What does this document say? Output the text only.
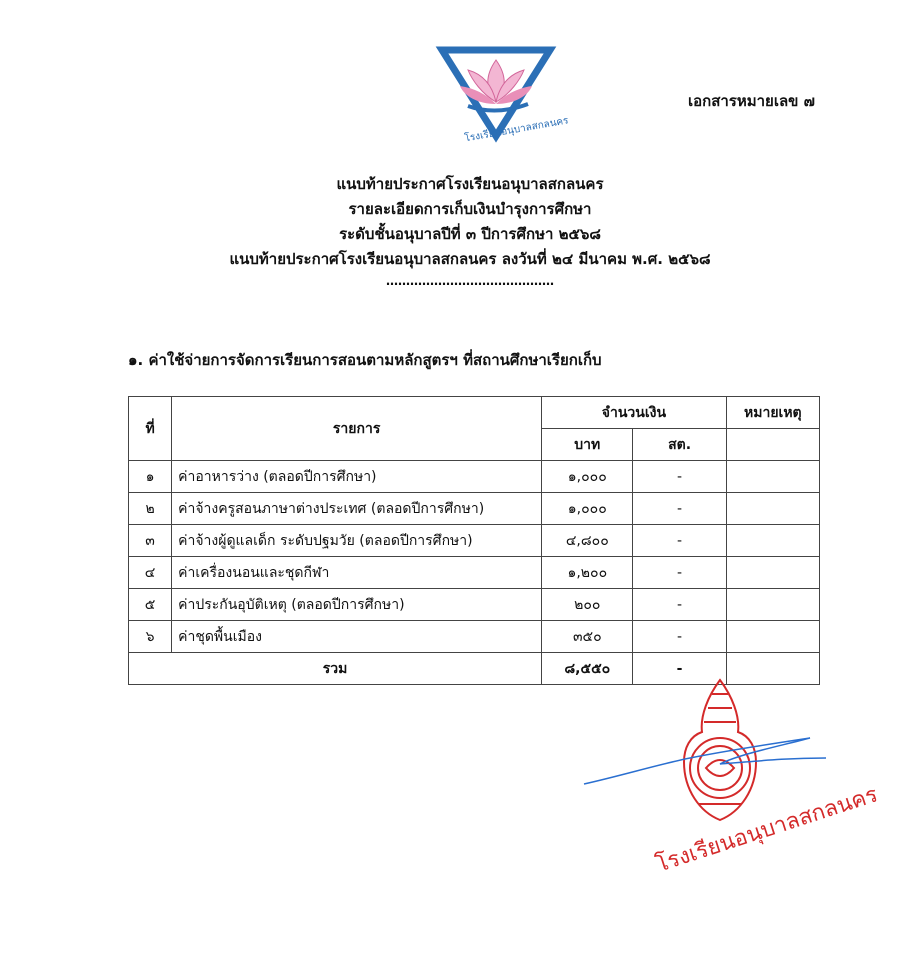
โรงเรียนอนุบาลสกลนคร
เอกสารหมายเลข ๗
แนบท้ายประกาศโรงเรียนอนุบาลสกลนคร
รายละเอียดการเก็บเงินบำรุงการศึกษา
ระดับชั้นอนุบาลปีที่ ๓ ปีการศึกษา ๒๕๖๘
แนบท้ายประกาศโรงเรียนอนุบาลสกลนคร ลงวันที่ ๒๔ มีนาคม พ.ศ. ๒๕๖๘
……………………………………
๑. ค่าใช้จ่ายการจัดการเรียนการสอนตามหลักสูตรฯ ที่สถานศึกษาเรียกเก็บ
ที่	รายการ	จำนวนเงิน		หมายเหตุ
		บาท	สต.	
๑	ค่าอาหารว่าง (ตลอดปีการศึกษา)	๑,๐๐๐	-	
๒	ค่าจ้างครูสอนภาษาต่างประเทศ (ตลอดปีการศึกษา)	๑,๐๐๐	-	
๓	ค่าจ้างผู้ดูแลเด็ก ระดับปฐมวัย (ตลอดปีการศึกษา)	๔,๘๐๐	-	
๔	ค่าเครื่องนอนและชุดกีฬา	๑,๒๐๐	-	
๕	ค่าประกันอุบัติเหตุ (ตลอดปีการศึกษา)	๒๐๐	-	
๖	ค่าชุดพื้นเมือง	๓๕๐	-	
รวม		๘,๕๕๐	-	
โรงเรียนอนุบาลสกลนคร
